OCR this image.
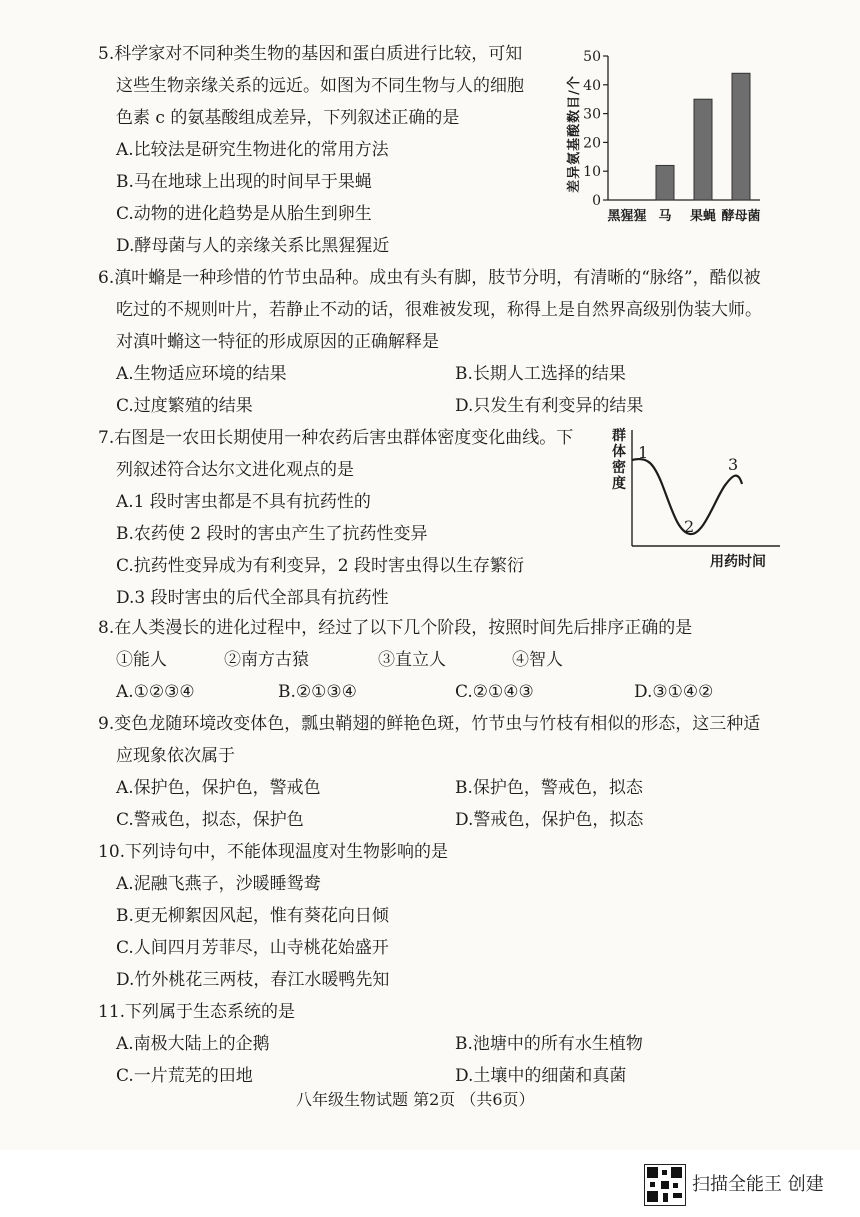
5.科学家对不同种类生物的基因和蛋白质进行比较，可知
这些生物亲缘关系的远近。如图为不同生物与人的细胞
色素 c 的氨基酸组成差异，下列叙述正确的是
A.比较法是研究生物进化的常用方法
B.马在地球上出现的时间早于果蝇
C.动物的进化趋势是从胎生到卵生
D.酵母菌与人的亲缘关系比黑猩猩近
差异氨基酸数目/个
0
10
20
30
40
50
黑猩猩 马 果蝇 酵母菌
6.滇叶䗛是一种珍惜的竹节虫品种。成虫有头有脚，肢节分明，有清晰的“脉络”，酷似被
吃过的不规则叶片，若静止不动的话，很难被发现，称得上是自然界高级别伪装大师。
对滇叶䗛这一特征的形成原因的正确解释是
A.生物适应环境的结果	B.长期人工选择的结果
C.过度繁殖的结果	D.只发生有利变异的结果
7.右图是一农田长期使用一种农药后害虫群体密度变化曲线。下
列叙述符合达尔文进化观点的是
A.1 段时害虫都是不具有抗药性的
B.农药使 2 段时的害虫产生了抗药性变异
C.抗药性变异成为有利变异，2 段时害虫得以生存繁衍
D.3 段时害虫的后代全部具有抗药性
群
体
密
度
1
2
3
用药时间
8.在人类漫长的进化过程中，经过了以下几个阶段，按照时间先后排序正确的是
①能人	②南方古猿	③直立人	④智人
A.①②③④	B.②①③④	C.②①④③	D.③①④②
9.变色龙随环境改变体色，瓢虫鞘翅的鲜艳色斑，竹节虫与竹枝有相似的形态，这三种适
应现象依次属于
A.保护色，保护色，警戒色	B.保护色，警戒色，拟态
C.警戒色，拟态，保护色	D.警戒色，保护色，拟态
10.下列诗句中，不能体现温度对生物影响的是
A.泥融飞燕子，沙暖睡鸳鸯
B.更无柳絮因风起，惟有葵花向日倾
C.人间四月芳菲尽，山寺桃花始盛开
D.竹外桃花三两枝，春江水暖鸭先知
11.下列属于生态系统的是
A.南极大陆上的企鹅	B.池塘中的所有水生植物
C.一片荒芜的田地	D.土壤中的细菌和真菌
八年级生物试题 第2页 （共6页）
扫描全能王 创建
